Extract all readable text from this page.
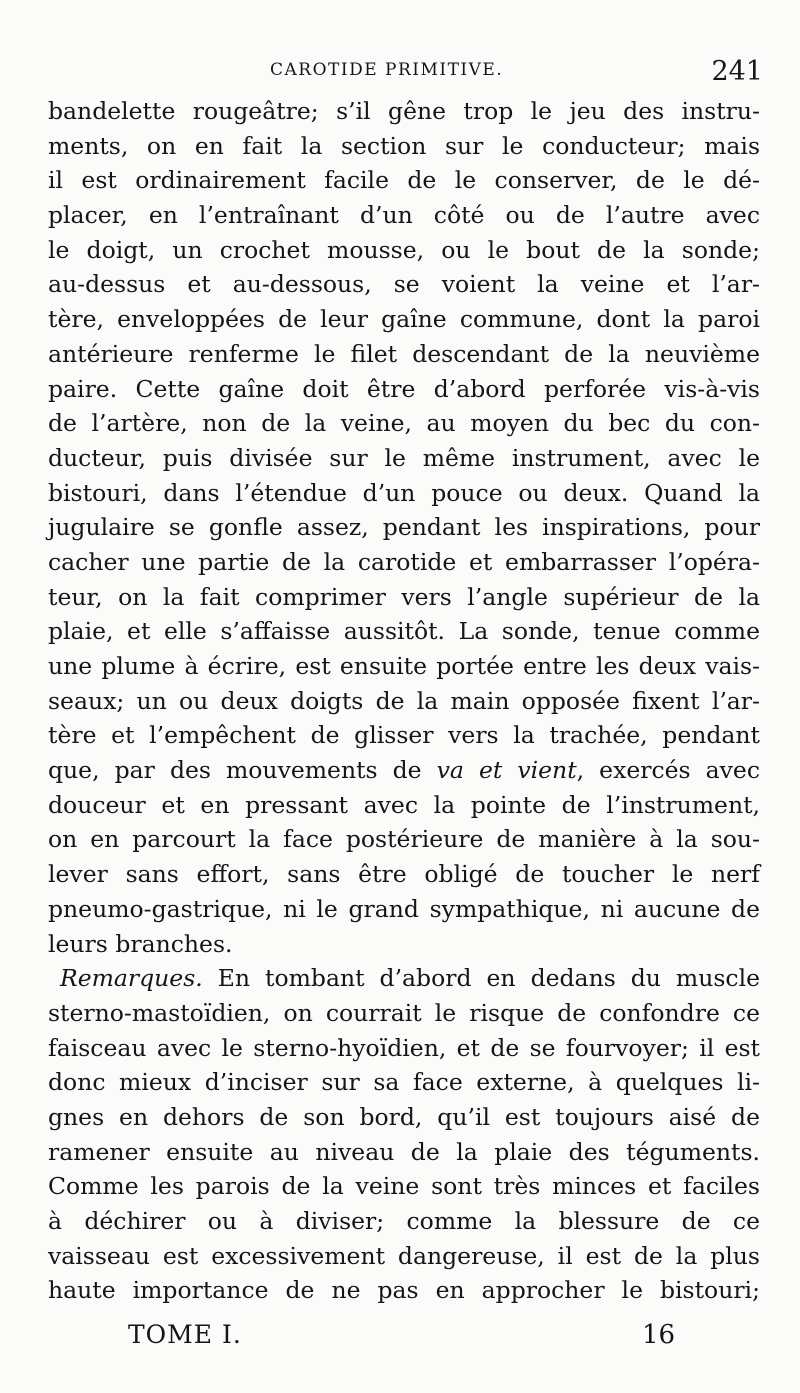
CAROTIDE PRIMITIVE.	241
bandelette rougeâtre; s’il gêne trop le jeu des instru-
ments, on en fait la section sur le conducteur; mais
il est ordinairement facile de le conserver, de le dé-
placer, en l’entraînant d’un côté ou de l’autre avec
le doigt, un crochet mousse, ou le bout de la sonde;
au-dessus et au-dessous, se voient la veine et l’ar-
tère, enveloppées de leur gaîne commune, dont la paroi
antérieure renferme le filet descendant de la neuvième
paire. Cette gaîne doit être d’abord perforée vis-à-vis
de l’artère, non de la veine, au moyen du bec du con-
ducteur, puis divisée sur le même instrument, avec le
bistouri, dans l’étendue d’un pouce ou deux. Quand la
jugulaire se gonfle assez, pendant les inspirations, pour
cacher une partie de la carotide et embarrasser l’opéra-
teur, on la fait comprimer vers l’angle supérieur de la
plaie, et elle s’affaisse aussitôt. La sonde, tenue comme
une plume à écrire, est ensuite portée entre les deux vais-
seaux; un ou deux doigts de la main opposée fixent l’ar-
tère et l’empêchent de glisser vers la trachée, pendant
que, par des mouvements de va et vient, exercés avec
douceur et en pressant avec la pointe de l’instrument,
on en parcourt la face postérieure de manière à la sou-
lever sans effort, sans être obligé de toucher le nerf
pneumo-gastrique, ni le grand sympathique, ni aucune de
leurs branches.
Remarques. En tombant d’abord en dedans du muscle
sterno-mastoïdien, on courrait le risque de confondre ce
faisceau avec le sterno-hyoïdien, et de se fourvoyer; il est
donc mieux d’inciser sur sa face externe, à quelques li-
gnes en dehors de son bord, qu’il est toujours aisé de
ramener ensuite au niveau de la plaie des téguments.
Comme les parois de la veine sont très minces et faciles
à déchirer ou à diviser; comme la blessure de ce
vaisseau est excessivement dangereuse, il est de la plus
haute importance de ne pas en approcher le bistouri;
TOME I.	16
